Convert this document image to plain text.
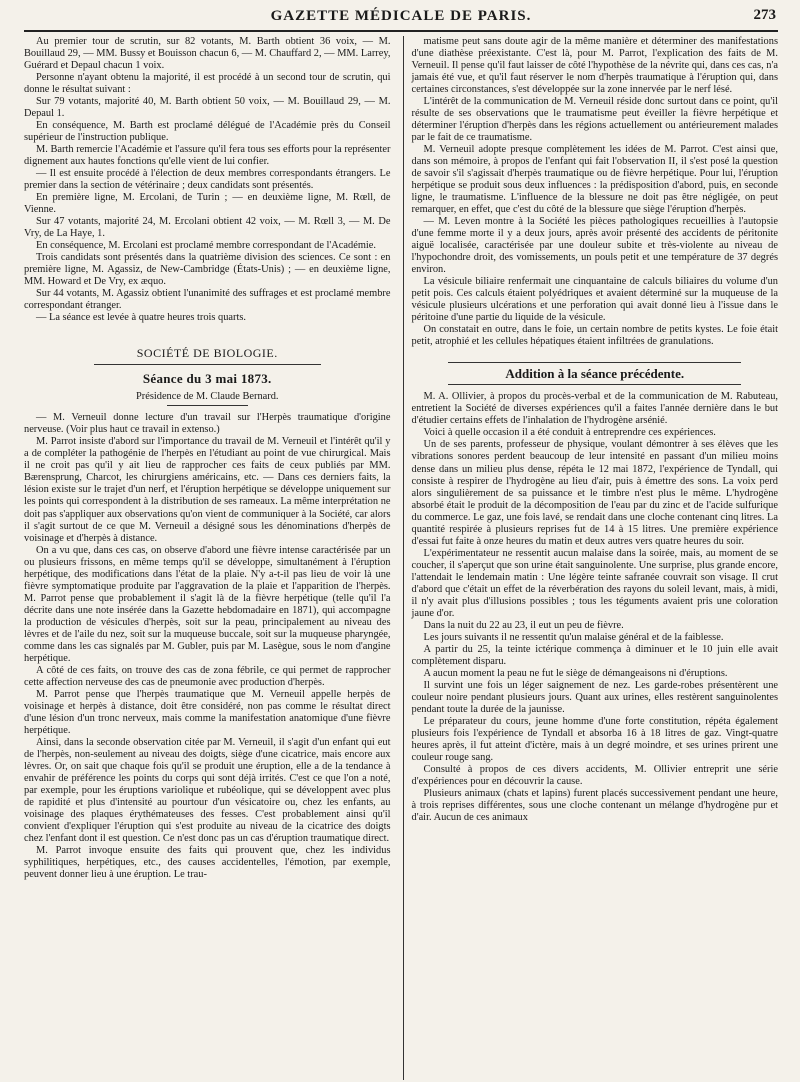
GAZETTE MÉDICALE DE PARIS.	273

Au premier tour de scrutin, sur 82 votants, M. Barth obtient 36 voix, — M. Bouillaud 29, — MM. Bussy et Bouisson chacun 6, — M. Chauffard 2, — MM. Larrey, Guérard et Depaul chacun 1 voix.

Personne n'ayant obtenu la majorité, il est procédé à un second tour de scrutin, qui donne le résultat suivant :

Sur 79 votants, majorité 40, M. Barth obtient 50 voix, — M. Bouillaud 29, — M. Depaul 1.

En conséquence, M. Barth est proclamé délégué de l'Académie près du Conseil supérieur de l'instruction publique.

M. Barth remercie l'Académie et l'assure qu'il fera tous ses efforts pour la représenter dignement aux hautes fonctions qu'elle vient de lui confier.

— Il est ensuite procédé à l'élection de deux membres correspondants étrangers. Le premier dans la section de vétérinaire ; deux candidats sont présentés.

En première ligne, M. Ercolani, de Turin ; — en deuxième ligne, M. Rœll, de Vienne.

Sur 47 votants, majorité 24, M. Ercolani obtient 42 voix, — M. Rœll 3, — M. De Vry, de La Haye, 1.

En conséquence, M. Ercolani est proclamé membre correspondant de l'Académie.

Trois candidats sont présentés dans la quatrième division des sciences. Ce sont : en première ligne, M. Agassiz, de New-Cambridge (États-Unis) ; — en deuxième ligne, MM. Howard et De Vry, ex æquo.

Sur 44 votants, M. Agassiz obtient l'unanimité des suffrages et est proclamé membre correspondant étranger.

— La séance est levée à quatre heures trois quarts.

SOCIÉTÉ DE BIOLOGIE.
Séance du 3 mai 1873.
Présidence de M. Claude Bernard.

— M. Verneuil donne lecture d'un travail sur l'Herpès traumatique d'origine nerveuse. (Voir plus haut ce travail in extenso.)

M. Parrot insiste d'abord sur l'importance du travail de M. Verneuil et l'intérêt qu'il y a de compléter la pathogénie de l'herpès en l'étudiant au point de vue chirurgical. Mais il ne croit pas qu'il y ait lieu de rapprocher ces faits de ceux publiés par MM. Bærensprung, Charcot, les chirurgiens américains, etc. — Dans ces derniers faits, la lésion existe sur le trajet d'un nerf, et l'éruption herpétique se développe uniquement sur les points qui correspondent à la distribution de ses rameaux. La même interprétation ne doit pas s'appliquer aux observations qu'on vient de communiquer à la Société, car alors il s'agit surtout de ce que M. Verneuil a désigné sous les dénominations d'herpès de voisinage et d'herpès à distance.

On a vu que, dans ces cas, on observe d'abord une fièvre intense caractérisée par un ou plusieurs frissons, en même temps qu'il se développe, simultanément à l'éruption herpétique, des modifications dans l'état de la plaie. N'y a-t-il pas lieu de voir là une fièvre symptomatique produite par l'aggravation de la plaie et l'apparition de l'herpès. M. Parrot pense que probablement il s'agit là de la fièvre herpétique (telle qu'il l'a décrite dans une note insérée dans la Gazette hebdomadaire en 1871), qui accompagne la production de vésicules d'herpès, soit sur la peau, principalement au niveau des lèvres et de l'aile du nez, soit sur la muqueuse buccale, soit sur la muqueuse pharyngée, comme dans les cas signalés par M. Gubler, puis par M. Lasègue, sous le nom d'angine herpétique.

A côté de ces faits, on trouve des cas de zona fébrile, ce qui permet de rapprocher cette affection nerveuse des cas de pneumonie avec production d'herpès.

M. Parrot pense que l'herpès traumatique que M. Verneuil appelle herpès de voisinage et herpès à distance, doit être considéré, non pas comme le résultat direct d'une lésion d'un tronc nerveux, mais comme la manifestation anatomique d'une fièvre herpétique.

Ainsi, dans la seconde observation citée par M. Verneuil, il s'agit d'un enfant qui eut de l'herpès, non-seulement au niveau des doigts, siège d'une cicatrice, mais encore aux lèvres. Or, on sait que chaque fois qu'il se produit une éruption, elle a de la tendance à envahir de préférence les points du corps qui sont déjà irrités. C'est ce que l'on a noté, par exemple, pour les éruptions variolique et rubéolique, qui se développent avec plus de rapidité et plus d'intensité au pourtour d'un vésicatoire ou, chez les enfants, au voisinage des plaques érythémateuses des fesses. C'est probablement ainsi qu'il convient d'expliquer l'éruption qui s'est produite au niveau de la cicatrice des doigts chez l'enfant dont il est question. Ce n'est donc pas un cas d'éruption traumatique direct.

M. Parrot invoque ensuite des faits qui prouvent que, chez les individus syphilitiques, herpétiques, etc., des causes accidentelles, l'émotion, par exemple, peuvent donner lieu à une éruption. Le trau-

matisme peut sans doute agir de la même manière et déterminer des manifestations d'une diathèse préexistante. C'est là, pour M. Parrot, l'explication des faits de M. Verneuil. Il pense qu'il faut laisser de côté l'hypothèse de la névrite qui, dans ces cas, n'a jamais été vue, et qu'il faut réserver le nom d'herpès traumatique à l'éruption qui, dans certaines circonstances, s'est développée sur la zone innervée par le nerf lésé.

L'intérêt de la communication de M. Verneuil réside donc surtout dans ce point, qu'il résulte de ses observations que le traumatisme peut éveiller la fièvre herpétique et déterminer l'éruption d'herpès dans les régions actuellement ou antérieurement malades par le fait de ce traumatisme.

M. Verneuil adopte presque complètement les idées de M. Parrot. C'est ainsi que, dans son mémoire, à propos de l'enfant qui fait l'observation II, il s'est posé la question de savoir s'il s'agissait d'herpès traumatique ou de fièvre herpétique. Pour lui, l'éruption herpétique se produit sous deux influences : la prédisposition d'abord, puis, en seconde ligne, le traumatisme. L'influence de la blessure ne doit pas être négligée, on peut remarquer, en effet, que c'est du côté de la blessure que siège l'éruption d'herpès.

— M. Leven montre à la Société les pièces pathologiques recueillies à l'autopsie d'une femme morte il y a deux jours, après avoir présenté des accidents de péritonite aiguë localisée, caractérisée par une douleur subite et très-violente au niveau de l'hypochondre droit, des vomissements, un pouls petit et une température de 37 degrés environ.

La vésicule biliaire renfermait une cinquantaine de calculs biliaires du volume d'un petit pois. Ces calculs étaient polyédriques et avaient déterminé sur la muqueuse de la vésicule plusieurs ulcérations et une perforation qui avait donné lieu à l'issue dans le péritoine d'une partie du liquide de la vésicule.

On constatait en outre, dans le foie, un certain nombre de petits kystes. Le foie était petit, atrophié et les cellules hépatiques étaient infiltrées de granulations.

Addition à la séance précédente.

M. A. Ollivier, à propos du procès-verbal et de la communication de M. Rabuteau, entretient la Société de diverses expériences qu'il a faites l'année dernière dans le but d'étudier certains effets de l'inhalation de l'hydrogène arsénié.

Voici à quelle occasion il a été conduit à entreprendre ces expériences.

Un de ses parents, professeur de physique, voulant démontrer à ses élèves que les vibrations sonores perdent beaucoup de leur intensité en passant d'un milieu moins dense dans un milieu plus dense, répéta le 12 mai 1872, l'expérience de Tyndall, qui consiste à respirer de l'hydrogène au lieu d'air, puis à émettre des sons. La voix perd alors singulièrement de sa puissance et le timbre n'est plus le même. L'hydrogène absorbé était le produit de la décomposition de l'eau par du zinc et de l'acide sulfurique du commerce. Le gaz, une fois lavé, se rendait dans une cloche contenant cinq litres. La quantité respirée à plusieurs reprises fut de 14 à 15 litres. Une première expérience d'essai fut faite à onze heures du matin et deux autres vers quatre heures du soir.

L'expérimentateur ne ressentit aucun malaise dans la soirée, mais, au moment de se coucher, il s'aperçut que son urine était sanguinolente. Une surprise, plus grande encore, l'attendait le lendemain matin : Une légère teinte safranée couvrait son visage. Il crut d'abord que c'était un effet de la réverbération des rayons du soleil levant, mais, à midi, il n'y avait plus d'illusions possibles ; tous les téguments avaient pris une coloration jaune d'or.

Dans la nuit du 22 au 23, il eut un peu de fièvre.

Les jours suivants il ne ressentit qu'un malaise général et de la faiblesse.

A partir du 25, la teinte ictérique commença à diminuer et le 10 juin elle avait complètement disparu.

A aucun moment la peau ne fut le siège de démangeaisons ni d'éruptions.

Il survint une fois un léger saignement de nez. Les garde-robes présentèrent une couleur noire pendant plusieurs jours. Quant aux urines, elles restèrent sanguinolentes pendant toute la durée de la jaunisse.

Le préparateur du cours, jeune homme d'une forte constitution, répéta également plusieurs fois l'expérience de Tyndall et absorba 16 à 18 litres de gaz. Vingt-quatre heures après, il fut atteint d'ictère, mais à un degré moindre, et ses urines prirent une couleur rouge sang.

Consulté à propos de ces divers accidents, M. Ollivier entreprit une série d'expériences pour en découvrir la cause.

Plusieurs animaux (chats et lapins) furent placés successivement pendant une heure, à trois reprises différentes, sous une cloche contenant un mélange d'hydrogène pur et d'air. Aucun de ces animaux
